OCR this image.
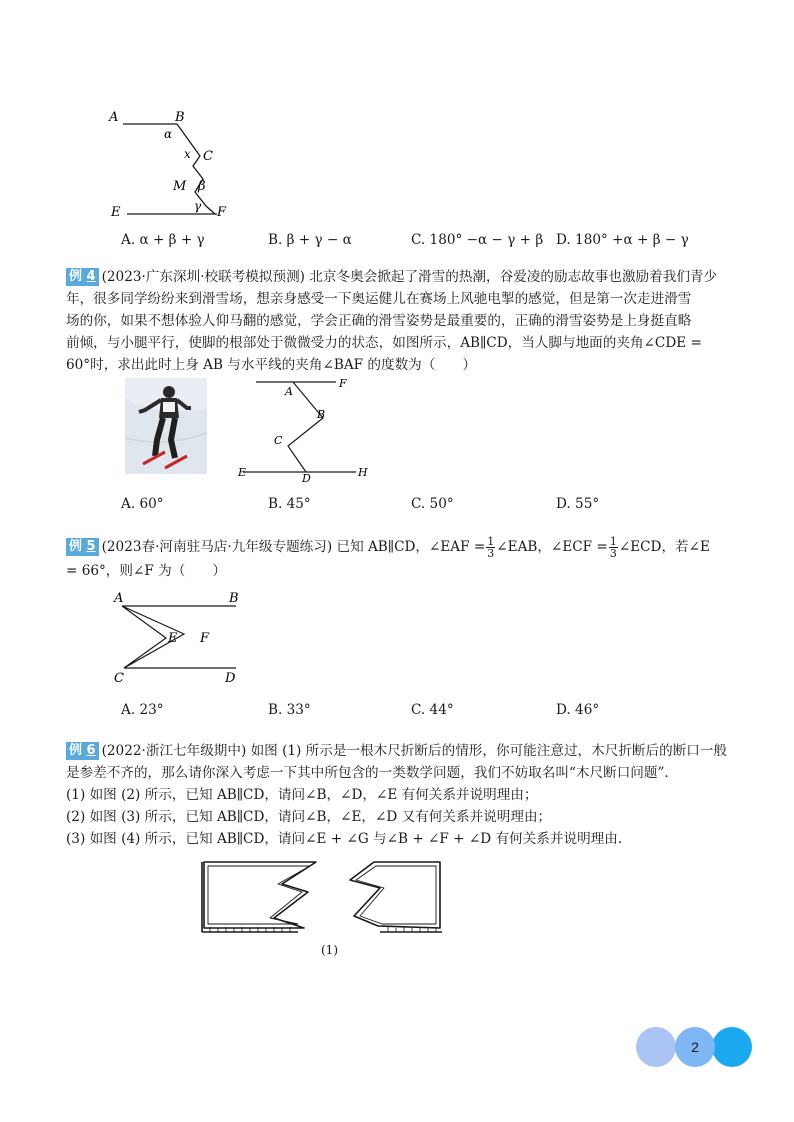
A	B
α
x C
M β
γ
E	F
A. α + β + γ	B. β + γ − α	C. 180° −α − γ + β D. 180° +α + β − γ
例 4 (2023·广东深圳·校联考模拟预测) 北京冬奥会掀起了滑雪的热潮，谷爱凌的励志故事也激励着我们青少
年，很多同学纷纷来到滑雪场，想亲身感受一下奥运健儿在赛场上风驰电掣的感觉，但是第一次走进滑雪
场的你，如果不想体验人仰马翻的感觉，学会正确的滑雪姿势是最重要的，正确的滑雪姿势是上身挺直略
前倾，与小腿平行，使脚的根部处于微微受力的状态，如图所示，AB∥CD，当人脚与地面的夹角∠CDE =
60°时，求出此时上身 AB 与水平线的夹角∠BAF 的度数为（　　）
F
A
B
C
E	D	H
A. 60°	B. 45°	C. 50°	D. 55°
例 5 (2023春·河南驻马店·九年级专题练习) 已知 AB∥CD，∠EAF = $\frac{1}{3}$ ∠EAB，∠ECF = $\frac{1}{3}$ ∠ECD，若∠E
= 66°，则∠F 为（　　）
A	B
E F
C	D
A. 23°	B. 33°	C. 44°	D. 46°
例 6 (2022·浙江七年级期中) 如图 (1) 所示是一根木尺折断后的情形，你可能注意过，木尺折断后的断口一般
是参差不齐的，那么请你深入考虑一下其中所包含的一类数学问题，我们不妨取名叫“木尺断口问题”.
(1) 如图 (2) 所示，已知 AB∥CD，请问∠B，∠D，∠E 有何关系并说明理由；
(2) 如图 (3) 所示，已知 AB∥CD，请问∠B，∠E，∠D 又有何关系并说明理由；
(3) 如图 (4) 所示，已知 AB∥CD，请问∠E + ∠G 与∠B + ∠F + ∠D 有何关系并说明理由.
(1)
2
